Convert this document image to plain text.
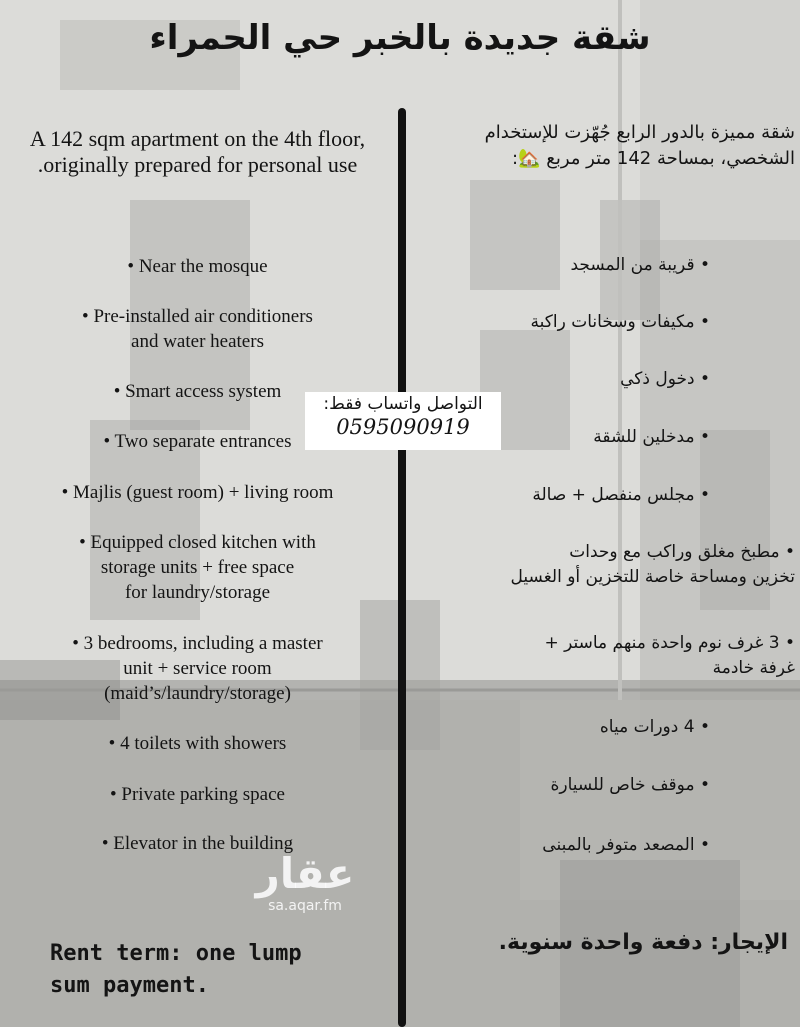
شقة جديدة بالخبر حي الحمراء
A 142 sqm apartment on the 4th floor,
.originally prepared for personal use
شقة مميزة بالدور الرابع جُهّزت للإستخدام
الشخصي، بمساحة 142 متر مربع 🏡:
• Near the mosque
• Pre-installed air conditioners
and water heaters
• Smart access system
• Two separate entrances
• Majlis (guest room) + living room
• Equipped closed kitchen with
storage units + free space
for laundry/storage
• 3 bedrooms, including a master
unit + service room
(maid’s/laundry/storage)
• 4 toilets with showers
• Private parking space
• Elevator in the building
• قريبة من المسجد
• مكيفات وسخانات راكبة
• دخول ذكي
• مدخلين للشقة
• مجلس منفصل + صالة
• مطبخ مغلق وراكب مع وحدات
تخزين ومساحة خاصة للتخزين أو الغسيل
• 3 غرف نوم واحدة منهم ماستر +
غرفة خادمة
• 4 دورات مياه
• موقف خاص للسيارة
• المصعد متوفر بالمبنى
التواصل واتساب فقط:
0595090919
عقار
sa.aqar.fm
Rent term: one lump
sum payment.
الإيجار: دفعة واحدة سنوية.
